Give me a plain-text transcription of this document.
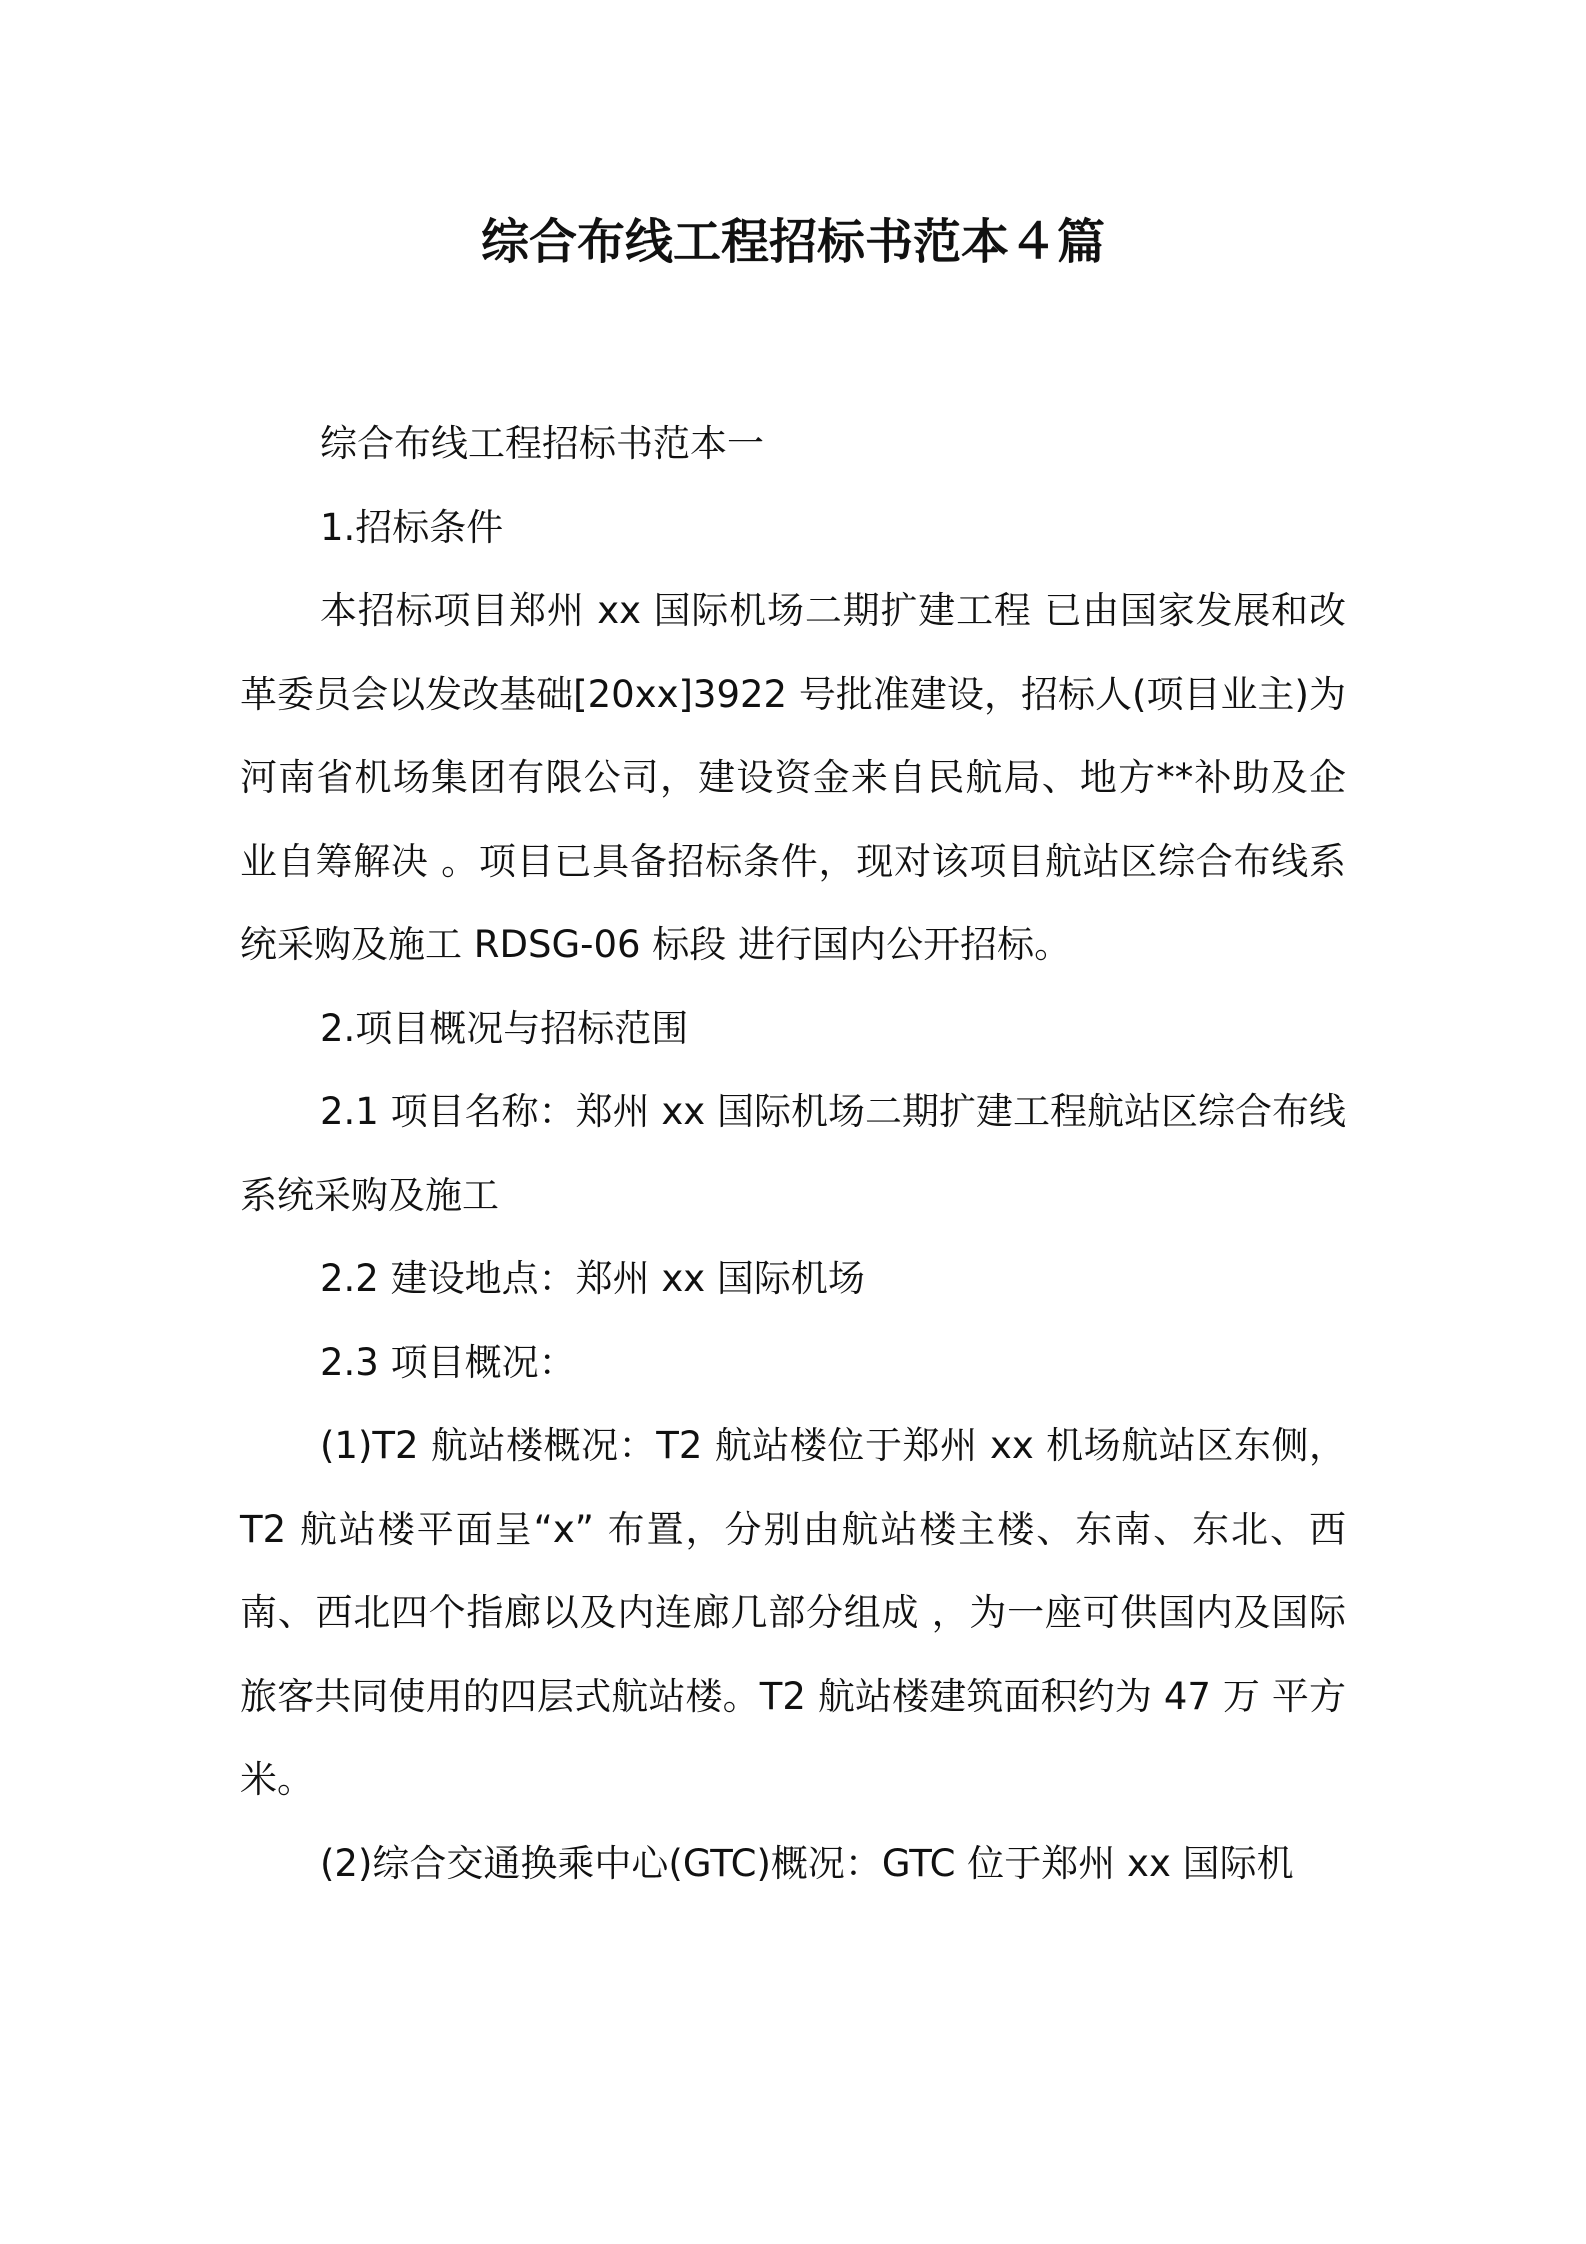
综合布线工程招标书范本４篇

综合布线工程招标书范本一

1.招标条件

本招标项目郑州 xx 国际机场二期扩建工程 已由国家发展和改革委员会以发改基础[20xx]3922 号批准建设，招标人(项目业主)为河南省机场集团有限公司，建设资金来自民航局、地方**补助及企业自筹解决 。项目已具备招标条件，现对该项目航站区综合布线系统采购及施工 RDSG-06 标段 进行国内公开招标。

2.项目概况与招标范围

2.1 项目名称：郑州 xx 国际机场二期扩建工程航站区综合布线系统采购及施工

2.2 建设地点：郑州 xx 国际机场

2.3 项目概况：

(1)T2 航站楼概况：T2 航站楼位于郑州 xx 机场航站区东侧，T2 航站楼平面呈“x” 布置，分别由航站楼主楼、东南、东北、西南、西北四个指廊以及内连廊几部分组成 ，为一座可供国内及国际旅客共同使用的四层式航站楼。T2 航站楼建筑面积约为 47 万 平方米。

(2)综合交通换乘中心(GTC)概况：GTC 位于郑州 xx 国际机
